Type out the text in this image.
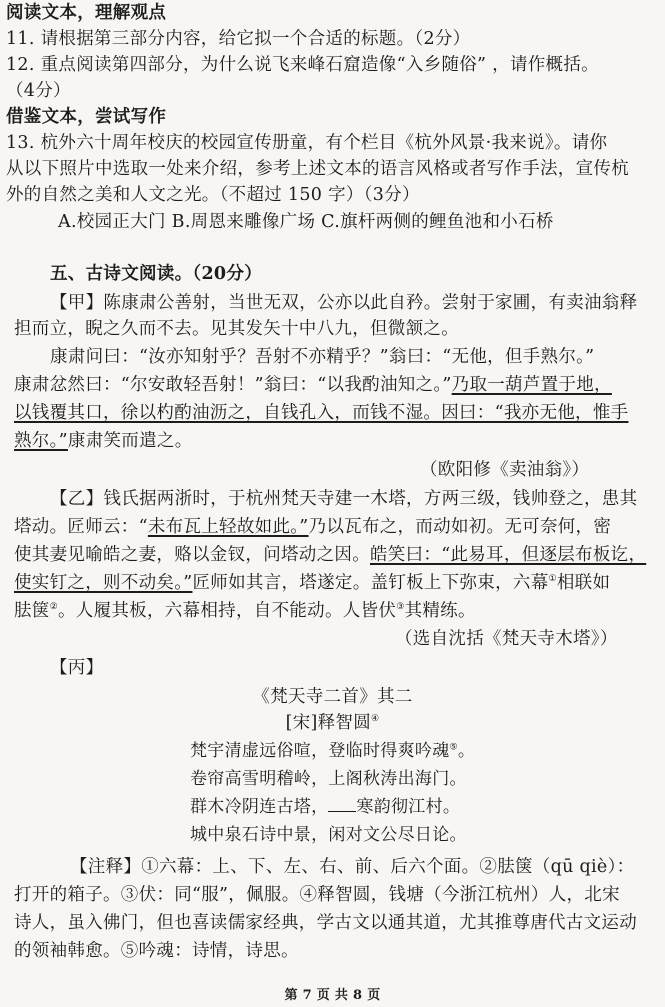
阅读文本，理解观点
11. 请根据第三部分内容，给它拟一个合适的标题。（2分）
12. 重点阅读第四部分，为什么说飞来峰石窟造像“入乡随俗” ，请作概括。
（4分）
借鉴文本，尝试写作
13. 杭外六十周年校庆的校园宣传册童，有个栏目《杭外风景·我来说》。请你
从以下照片中选取一处来介绍，参考上述文本的语言风格或者写作手法，宣传杭
外的自然之美和人文之光。（不超过 150 字）（3分）
A.校园正大门 B.周恩来雕像广场 C.旗杆两侧的鲤鱼池和小石桥
五、古诗文阅读。（20分）
【甲】陈康肃公善射，当世无双，公亦以此自矜。尝射于家圃，有卖油翁释
担而立，睨之久而不去。见其发矢十中八九，但微颔之。
康肃问曰：“汝亦知射乎？吾射不亦精乎？”翁曰：“无他，但手熟尔。”
康肃忿然曰：“尔安敢轻吾射！”翁曰：“以我酌油知之。”乃取一葫芦置于地，
以钱覆其口，徐以杓酌油沥之，自钱孔入，而钱不湿。因曰：“我亦无他，惟手
熟尔。”康肃笑而遣之。
（欧阳修《卖油翁》）
【乙】钱氏据两浙时，于杭州梵天寺建一木塔，方两三级，钱帅登之，患其
塔动。匠师云：“未布瓦上轻故如此。”乃以瓦布之，而动如初。无可奈何，密
使其妻见喻皓之妻，赂以金钗，问塔动之因。皓笑曰：“此易耳，但逐层布板讫，
使实钉之，则不动矣。”匠师如其言，塔遂定。盖钉板上下弥束，六幕①相联如
胠箧②。人履其板，六幕相持，自不能动。人皆伏③其精练。
（选自沈括《梵天寺木塔》）
【丙】
《梵天寺二首》其二
[宋]释智圆④
梵宇清虚远俗喧，登临时得爽吟魂⑤。
卷帘高雪明稽岭，上阁秋涛出海门。
群木冷阴连古塔， 寒韵彻江村。
城中泉石诗中景，闲对文公尽日论。
【注释】①六幕：上、下、左、右、前、后六个面。②胠箧（qū qiè）：
打开的箱子。③伏：同“服”，佩服。④释智圆，钱塘（今浙江杭州）人，北宋
诗人，虽入佛门，但也喜读儒家经典，学古文以通其道，尤其推尊唐代古文运动
的领袖韩愈。⑤吟魂：诗情，诗思。
第 7 页 共 8 页
